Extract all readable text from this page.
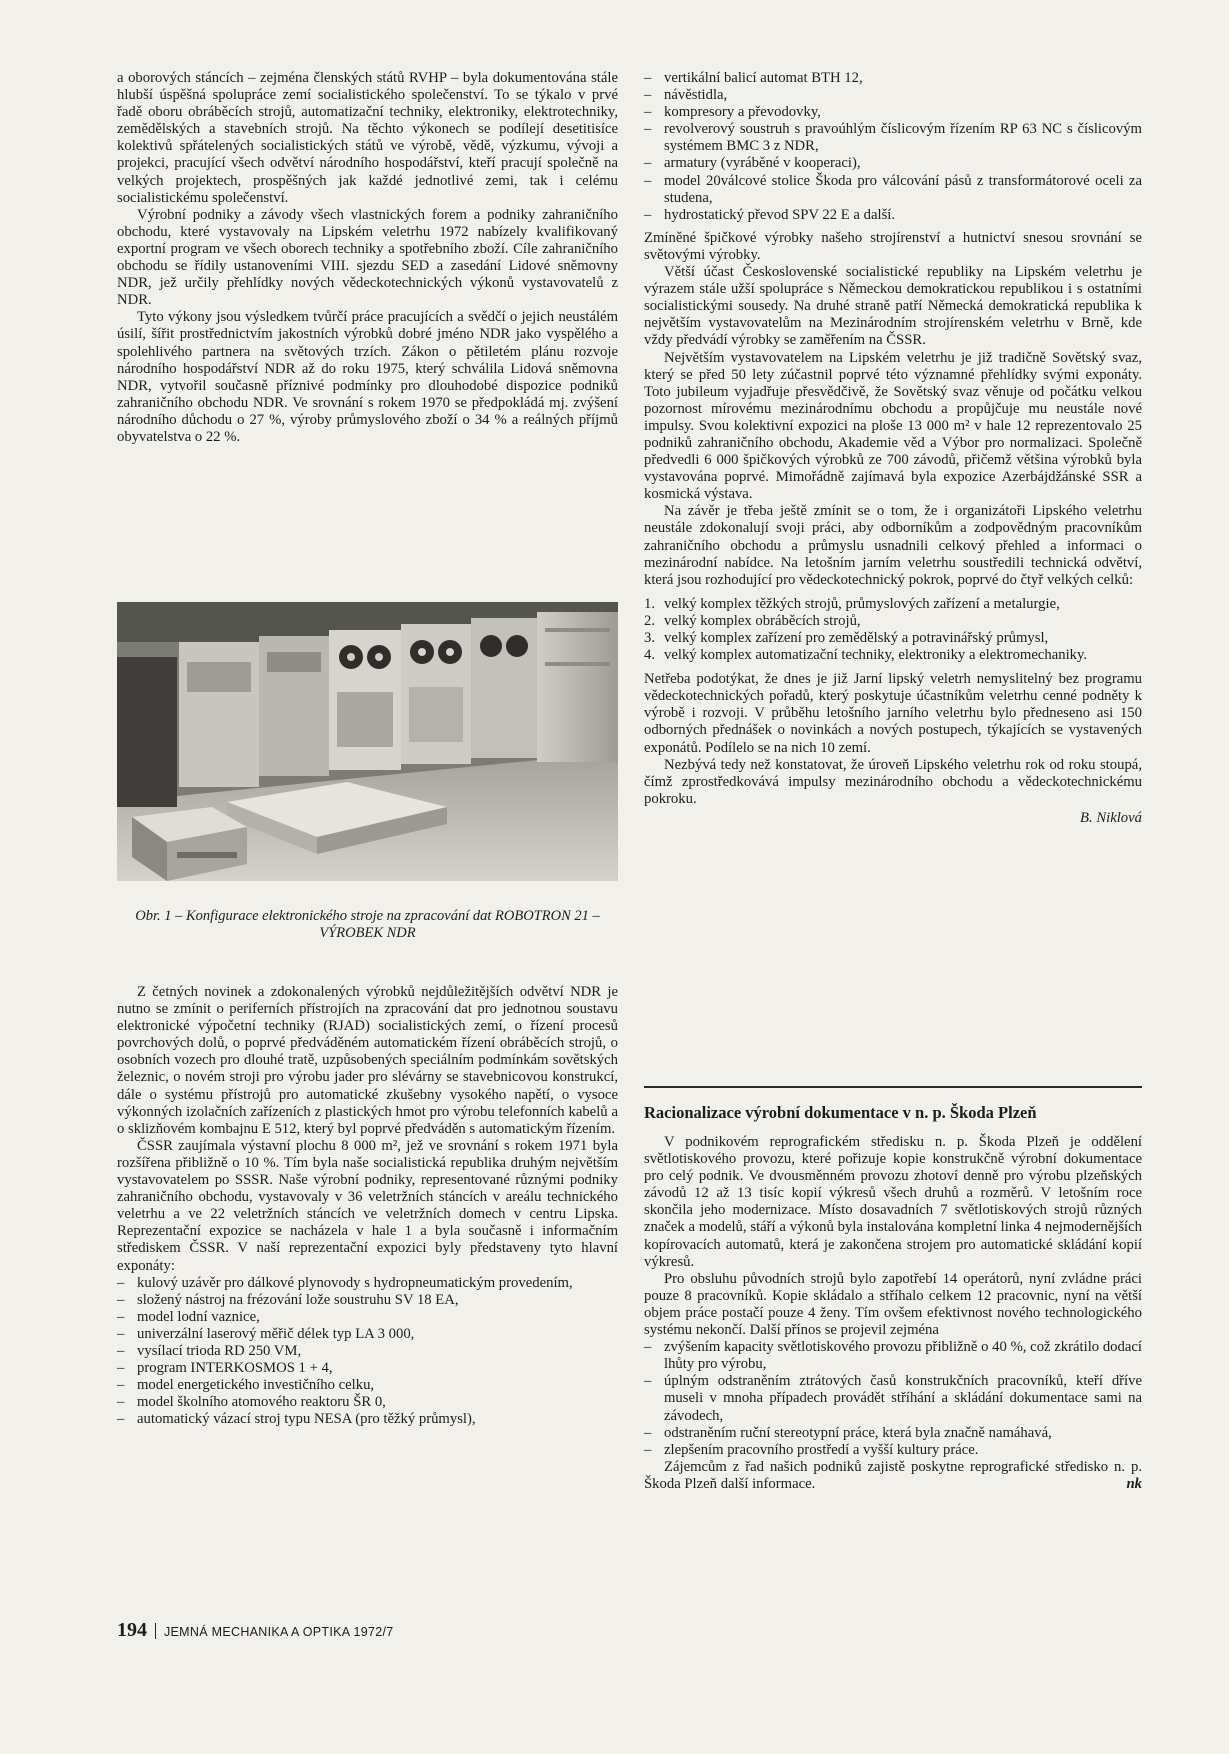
a oborových stáncích – zejména členských států RVHP – byla dokumentována stále hlubší úspěšná spolupráce zemí socialistického společenství. To se týkalo v prvé řadě oboru obráběcích strojů, automatizační techniky, elektroniky, elektrotechniky, zemědělských a stavebních strojů. Na těchto výkonech se podílejí desetitisíce kolektivů spřátelených socialistických států ve výrobě, vědě, výzkumu, vývoji a projekci, pracující všech odvětví národního hospodářství, kteří pracují společně na velkých projektech, prospěšných jak každé jednotlivé zemi, tak i celému socialistickému společenství.

Výrobní podniky a závody všech vlastnických forem a podniky zahraničního obchodu, které vystavovaly na Lipském veletrhu 1972 nabízely kvalifikovaný exportní program ve všech oborech techniky a spotřebního zboží. Cíle zahraničního obchodu se řídily ustanoveními VIII. sjezdu SED a zasedání Lidové sněmovny NDR, jež určily přehlídky nových vědeckotechnických výkonů vystavovatelů z NDR.

Tyto výkony jsou výsledkem tvůrčí práce pracujících a svědčí o jejich neustálém úsilí, šířit prostřednictvím jakostních výrobků dobré jméno NDR jako vyspělého a spolehlivého partnera na světových trzích. Zákon o pětiletém plánu rozvoje národního hospodářství NDR až do roku 1975, který schválila Lidová sněmovna NDR, vytvořil současně příznivé podmínky pro dlouhodobé dispozice podniků zahraničního obchodu NDR. Ve srovnání s rokem 1970 se předpokládá mj. zvýšení národního důchodu o 27 %, výroby průmyslového zboží o 34 % a reálných příjmů obyvatelstva o 22 %.

Obr. 1 – Konfigurace elektronického stroje na zpracování dat ROBOTRON 21 – VÝROBEK NDR

Z četných novinek a zdokonalených výrobků nejdůležitějších odvětví NDR je nutno se zmínit o periferních přístrojích na zpracování dat pro jednotnou soustavu elektronické výpočetní techniky (RJAD) socialistických zemí, o řízení procesů povrchových dolů, o poprvé předváděném automatickém řízení obráběcích strojů, o osobních vozech pro dlouhé tratě, uzpůsobených speciálním podmínkám sovětských železnic, o novém stroji pro výrobu jader pro slévárny se stavebnicovou konstrukcí, dále o systému přístrojů pro automatické zkušebny vysokého napětí, o vysoce výkonných izolačních zařízeních z plastických hmot pro výrobu telefonních kabelů a o sklizňovém kombajnu E 512, který byl poprvé předváděn s automatickým řízením.

ČSSR zaujímala výstavní plochu 8 000 m², jež ve srovnání s rokem 1971 byla rozšířena přibližně o 10 %. Tím byla naše socialistická republika druhým největším vystavovatelem po SSSR. Naše výrobní podniky, representované různými podniky zahraničního obchodu, vystavovaly v 36 veletržních stáncích v areálu technického veletrhu a ve 22 veletržních stáncích ve veletržních domech v centru Lipska. Reprezentační expozice se nacházela v hale 1 a byla současně i informačním střediskem ČSSR. V naší reprezentační expozici byly představeny tyto hlavní exponáty:

– kulový uzávěr pro dálkové plynovody s hydropneumatickým provedením,
– složený nástroj na frézování lože soustruhu SV 18 EA,
– model lodní vaznice,
– univerzální laserový měřič délek typ LA 3 000,
– vysílací trioda RD 250 VM,
– program INTERKOSMOS 1 + 4,
– model energetického investičního celku,
– model školního atomového reaktoru ŠR 0,
– automatický vázací stroj typu NESA (pro těžký průmysl),
– vertikální balicí automat BTH 12,
– návěstidla,
– kompresory a převodovky,
– revolverový soustruh s pravoúhlým číslicovým řízením RP 63 NC s číslicovým systémem BMC 3 z NDR,
– armatury (vyráběné v kooperaci),
– model 20válcové stolice Škoda pro válcování pásů z transformátorové oceli za studena,
– hydrostatický převod SPV 22 E a další.

Zmíněné špičkové výrobky našeho strojírenství a hutnictví snesou srovnání se světovými výrobky.

Větší účast Československé socialistické republiky na Lipském veletrhu je výrazem stále užší spolupráce s Německou demokratickou republikou i s ostatními socialistickými sousedy. Na druhé straně patří Německá demokratická republika k největším vystavovatelům na Mezinárodním strojírenském veletrhu v Brně, kde vždy předvádí výrobky se zaměřením na ČSSR.

Největším vystavovatelem na Lipském veletrhu je již tradičně Sovětský svaz, který se před 50 lety zúčastnil poprvé této významné přehlídky svými exponáty. Toto jubileum vyjadřuje přesvědčivě, že Sovětský svaz věnuje od počátku velkou pozornost mírovému mezinárodnímu obchodu a propůjčuje mu neustále nové impulsy. Svou kolektivní expozici na ploše 13 000 m² v hale 12 reprezentovalo 25 podniků zahraničního obchodu, Akademie věd a Výbor pro normalizaci. Společně předvedli 6 000 špičkových výrobků ze 700 závodů, přičemž většina výrobků byla vystavována poprvé. Mimořádně zajímavá byla expozice Azerbájdžánské SSR a kosmická výstava.

Na závěr je třeba ještě zmínit se o tom, že i organizátoři Lipského veletrhu neustále zdokonalují svoji práci, aby odborníkům a zodpovědným pracovníkům zahraničního obchodu a průmyslu usnadnili celkový přehled a informaci o mezinárodní nabídce. Na letošním jarním veletrhu soustředili technická odvětví, která jsou rozhodující pro vědeckotechnický pokrok, poprvé do čtyř velkých celků:

1. velký komplex těžkých strojů, průmyslových zařízení a metalurgie,
2. velký komplex obráběcích strojů,
3. velký komplex zařízení pro zemědělský a potravinářský průmysl,
4. velký komplex automatizační techniky, elektroniky a elektromechaniky.

Netřeba podotýkat, že dnes je již Jarní lipský veletrh nemyslitelný bez programu vědeckotechnických pořadů, který poskytuje účastníkům veletrhu cenné podněty k výrobě i rozvoji. V průběhu letošního jarního veletrhu bylo předneseno asi 150 odborných přednášek o novinkách a nových postupech, týkajících se vystavených exponátů. Podílelo se na nich 10 zemí.

Nezbývá tedy než konstatovat, že úroveň Lipského veletrhu rok od roku stoupá, čímž zprostředkovává impulsy mezinárodního obchodu a vědeckotechnickému pokroku.

B. Niklová
Racionalizace výrobní dokumentace v n. p. Škoda Plzeň

V podnikovém reprografickém středisku n. p. Škoda Plzeň je oddělení světlotiskového provozu, které pořizuje kopie konstrukčně výrobní dokumentace pro celý podnik. Ve dvousměnném provozu zhotoví denně pro výrobu plzeňských závodů 12 až 13 tisíc kopií výkresů všech druhů a rozměrů. V letošním roce skončila jeho modernizace. Místo dosavadních 7 světlotiskových strojů různých značek a modelů, stáří a výkonů byla instalována kompletní linka 4 nejmodernějších kopírovacích automatů, která je zakončena strojem pro automatické skládání kopií výkresů.

Pro obsluhu původních strojů bylo zapotřebí 14 operátorů, nyní zvládne práci pouze 8 pracovníků. Kopie skládalo a stříhalo celkem 12 pracovnic, nyní na větší objem práce postačí pouze 4 ženy. Tím ovšem efektivnost nového technologického systému nekončí. Další přínos se projevil zejména

– zvýšením kapacity světlotiskového provozu přibližně o 40 %, což zkrátilo dodací lhůty pro výrobu,
– úplným odstraněním ztrátových časů konstrukčních pracovníků, kteří dříve museli v mnoha případech provádět stříhání a skládání dokumentace sami na závodech,
– odstraněním ruční stereotypní práce, která byla značně namáhavá,
– zlepšením pracovního prostředí a vyšší kultury práce.

Zájemcům z řad našich podniků zajistě poskytne reprografické středisko n. p. Škoda Plzeň další informace.	nk

194 JEMNÁ MECHANIKA A OPTIKA 1972/7
